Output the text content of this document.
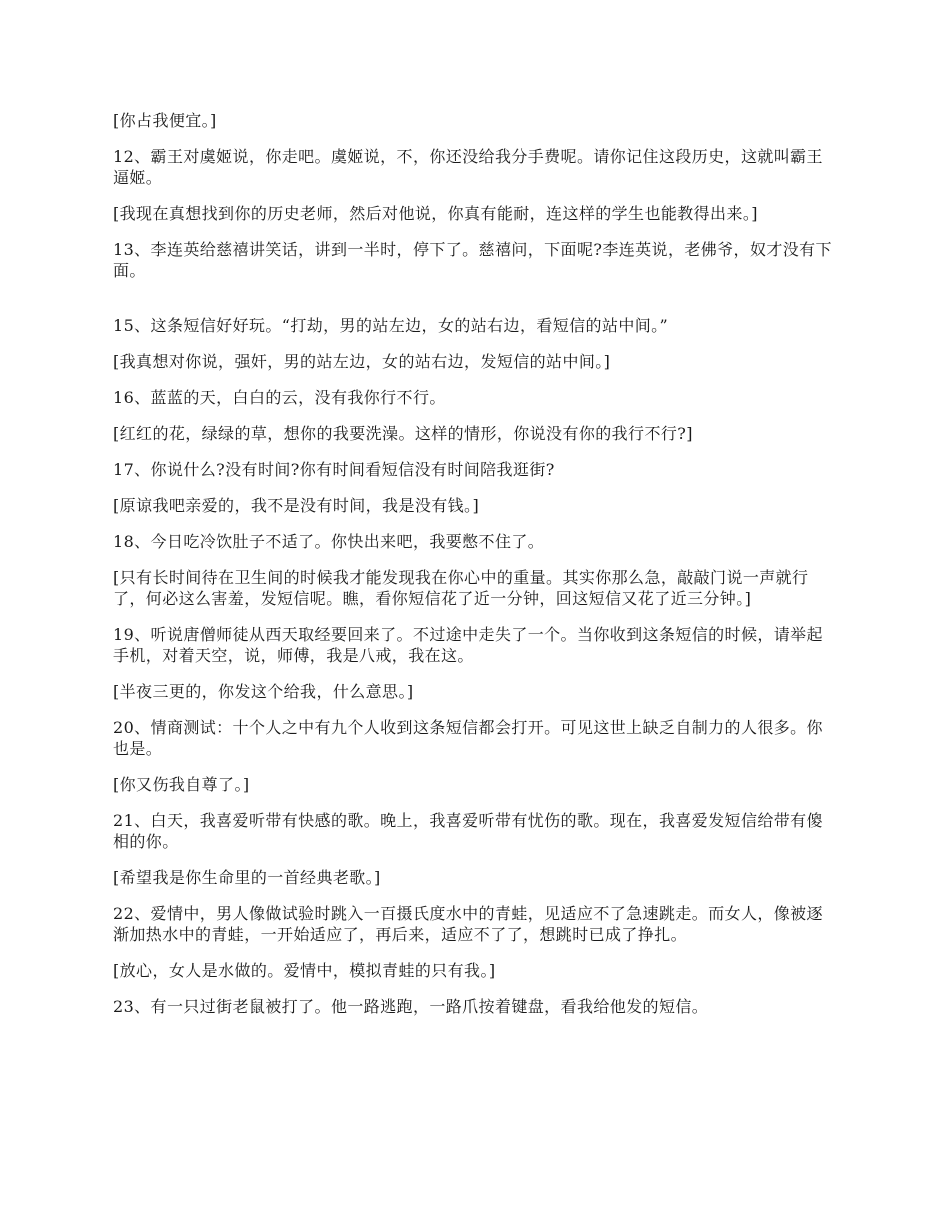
[你占我便宜。]

12、霸王对虞姬说，你走吧。虞姬说，不，你还没给我分手费呢。请你记住这段历史，这就叫霸王逼姬。

[我现在真想找到你的历史老师，然后对他说，你真有能耐，连这样的学生也能教得出来。]

13、李连英给慈禧讲笑话，讲到一半时，停下了。慈禧问，下面呢?李连英说，老佛爷，奴才没有下面。

15、这条短信好好玩。“打劫，男的站左边，女的站右边，看短信的站中间。”

[我真想对你说，强奸，男的站左边，女的站右边，发短信的站中间。]

16、蓝蓝的天，白白的云，没有我你行不行。

[红红的花，绿绿的草，想你的我要洗澡。这样的情形，你说没有你的我行不行?]

17、你说什么?没有时间?你有时间看短信没有时间陪我逛街?

[原谅我吧亲爱的，我不是没有时间，我是没有钱。]

18、今日吃冷饮肚子不适了。你快出来吧，我要憋不住了。

[只有长时间待在卫生间的时候我才能发现我在你心中的重量。其实你那么急，敲敲门说一声就行了，何必这么害羞，发短信呢。瞧，看你短信花了近一分钟，回这短信又花了近三分钟。]

19、听说唐僧师徒从西天取经要回来了。不过途中走失了一个。当你收到这条短信的时候，请举起手机，对着天空，说，师傅，我是八戒，我在这。

[半夜三更的，你发这个给我，什么意思。]

20、情商测试：十个人之中有九个人收到这条短信都会打开。可见这世上缺乏自制力的人很多。你也是。

[你又伤我自尊了。]

21、白天，我喜爱听带有快感的歌。晚上，我喜爱听带有忧伤的歌。现在，我喜爱发短信给带有傻相的你。

[希望我是你生命里的一首经典老歌。]

22、爱情中，男人像做试验时跳入一百摄氏度水中的青蛙，见适应不了急速跳走。而女人，像被逐渐加热水中的青蛙，一开始适应了，再后来，适应不了了，想跳时已成了挣扎。

[放心，女人是水做的。爱情中，模拟青蛙的只有我。]

23、有一只过街老鼠被打了。他一路逃跑，一路爪按着键盘，看我给他发的短信。
